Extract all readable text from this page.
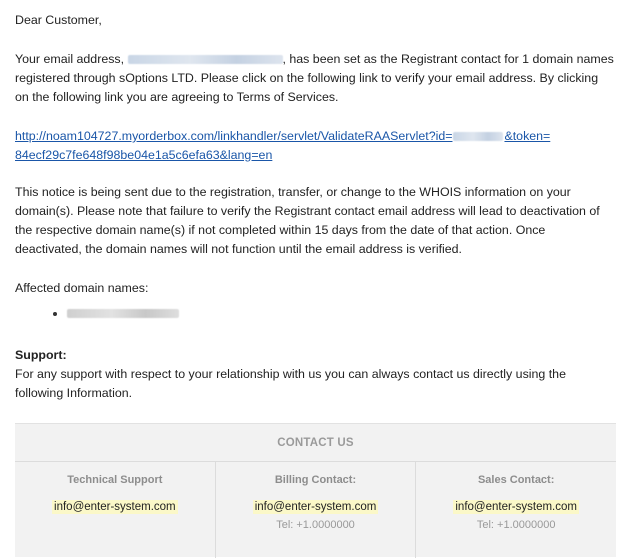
Dear Customer,

Your email address,	, has been set as the Registrant contact for 1 domain names registered through sOptions LTD. Please click on the following link to verify your email address. By clicking on the following link you are agreeing to Terms of Services.

http://noam104727.myorderbox.com/linkhandler/servlet/ValidateRAAServlet?id=	&token=
84ecf29c7fe648f98be04e1a5c6efa63&lang=en

This notice is being sent due to the registration, transfer, or change to the WHOIS information on your domain(s). Please note that failure to verify the Registrant contact email address will lead to deactivation of the respective domain name(s) if not completed within 15 days from the date of that action. Once deactivated, the domain names will not function until the email address is verified.

Affected domain names:

Support:

For any support with respect to your relationship with us you can always contact us directly using the following Information.

CONTACT US
Technical Support
info@enter-system.com
Billing Contact:
info@enter-system.com
Tel: +1.0000000
Sales Contact:
info@enter-system.com
Tel: +1.0000000
